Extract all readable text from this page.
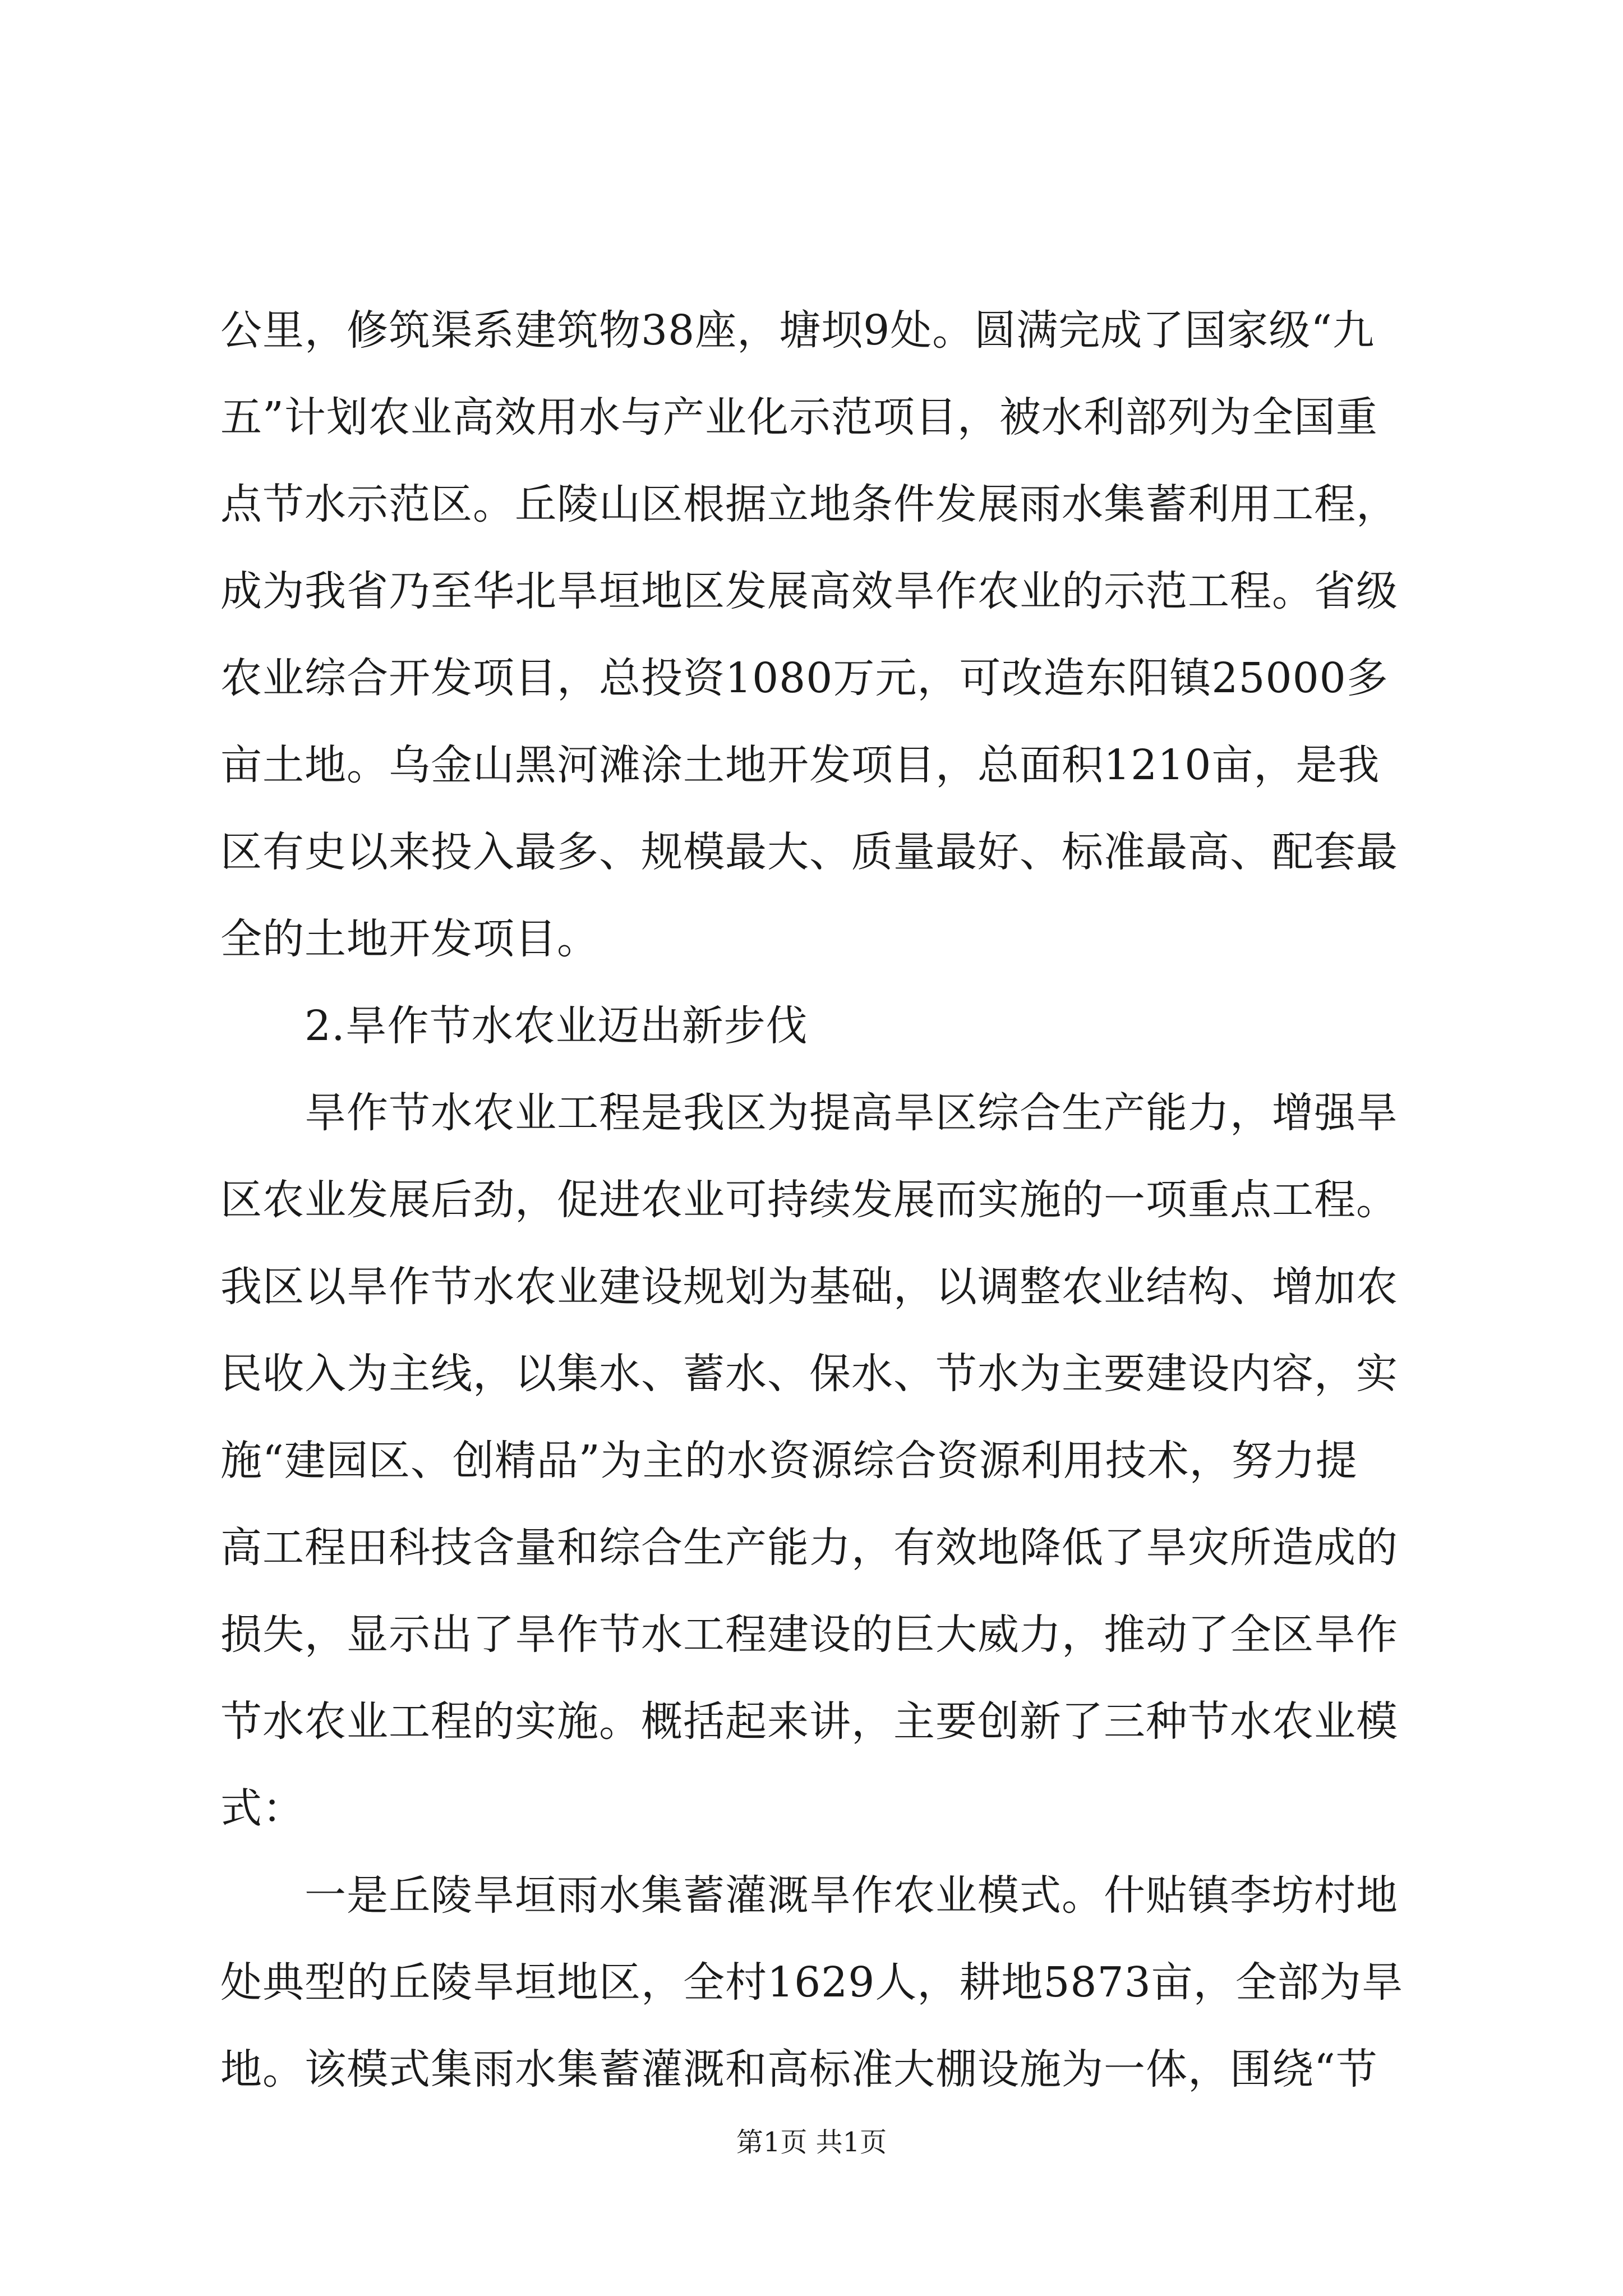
公里，修筑渠系建筑物38座，塘坝9处。圆满完成了国家级“九
五”计划农业高效用水与产业化示范项目，被水利部列为全国重
点节水示范区。丘陵山区根据立地条件发展雨水集蓄利用工程，
成为我省乃至华北旱垣地区发展高效旱作农业的示范工程。省级
农业综合开发项目，总投资1080万元，可改造东阳镇25000多
亩土地。乌金山黑河滩涂土地开发项目，总面积1210亩，是我
区有史以来投入最多、规模最大、质量最好、标准最高、配套最
全的土地开发项目。
　　2.旱作节水农业迈出新步伐
　　旱作节水农业工程是我区为提高旱区综合生产能力，增强旱
区农业发展后劲，促进农业可持续发展而实施的一项重点工程。
我区以旱作节水农业建设规划为基础，以调整农业结构、增加农
民收入为主线，以集水、蓄水、保水、节水为主要建设内容，实
施“建园区、创精品”为主的水资源综合资源利用技术，努力提
高工程田科技含量和综合生产能力，有效地降低了旱灾所造成的
损失，显示出了旱作节水工程建设的巨大威力，推动了全区旱作
节水农业工程的实施。概括起来讲，主要创新了三种节水农业模
式：
　　一是丘陵旱垣雨水集蓄灌溉旱作农业模式。什贴镇李坊村地
处典型的丘陵旱垣地区，全村1629人，耕地5873亩，全部为旱
地。该模式集雨水集蓄灌溉和高标准大棚设施为一体，围绕“节
第1页 共1页
